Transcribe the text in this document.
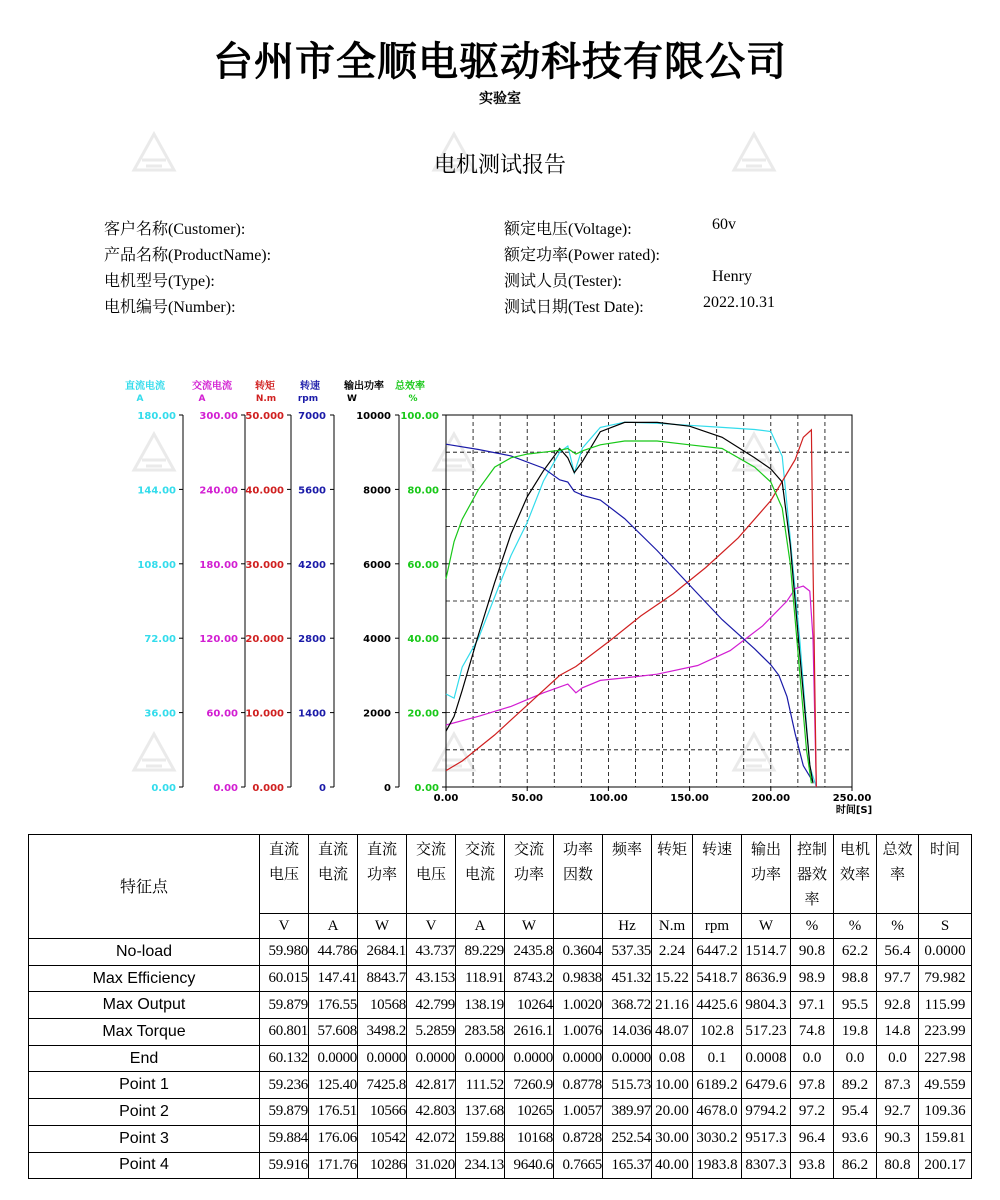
台州市全顺电驱动科技有限公司
实验室
电机测试报告
客户名称(Customer):
产品名称(ProductName):
电机型号(Type):
电机编号(Number):
额定电压(Voltage):
额定功率(Power rated):
测试人员(Tester):
测试日期(Test Date):
60v
Henry
2022.10.31
直流电流
A
180.00
144.00
108.00
72.00
36.00
0.00
交流电流
A
300.00
240.00
180.00
120.00
60.00
0.00
转矩
N.m
50.000
40.000
30.000
20.000
10.000
0.000
转速
rpm
7000
5600
4200
2800
1400
0
输出功率
W
10000
8000
6000
4000
2000
0
总效率
%
100.00
80.00
60.00
40.00
20.00
0.00
0.00	50.00	100.00	150.00	200.00	250.00
时间[S]
特征点	直流电压	直流电流	直流功率	交流电压	交流电流	交流功率	功率因数	频率	转矩	转速	输出功率	控制器效率	电机效率	总效率	时间
	V	A	W	V	A	W		Hz	N.m	rpm	W	%	%	%	S
No-load	59.980	44.786	2684.1	43.737	89.229	2435.8	0.3604	537.35	2.24	6447.2	1514.7	90.8	62.2	56.4	0.0000
Max Efficiency	60.015	147.41	8843.7	43.153	118.91	8743.2	0.9838	451.32	15.22	5418.7	8636.9	98.9	98.8	97.7	79.982
Max Output	59.879	176.55	10568	42.799	138.19	10264	1.0020	368.72	21.16	4425.6	9804.3	97.1	95.5	92.8	115.99
Max Torque	60.801	57.608	3498.2	5.2859	283.58	2616.1	1.0076	14.036	48.07	102.8	517.23	74.8	19.8	14.8	223.99
End	60.132	0.0000	0.0000	0.0000	0.0000	0.0000	0.0000	0.0000	0.08	0.1	0.0008	0.0	0.0	0.0	227.98
Point 1	59.236	125.40	7425.8	42.817	111.52	7260.9	0.8778	515.73	10.00	6189.2	6479.6	97.8	89.2	87.3	49.559
Point 2	59.879	176.51	10566	42.803	137.68	10265	1.0057	389.97	20.00	4678.0	9794.2	97.2	95.4	92.7	109.36
Point 3	59.884	176.06	10542	42.072	159.88	10168	0.8728	252.54	30.00	3030.2	9517.3	96.4	93.6	90.3	159.81
Point 4	59.916	171.76	10286	31.020	234.13	9640.6	0.7665	165.37	40.00	1983.8	8307.3	93.8	86.2	80.8	200.17
